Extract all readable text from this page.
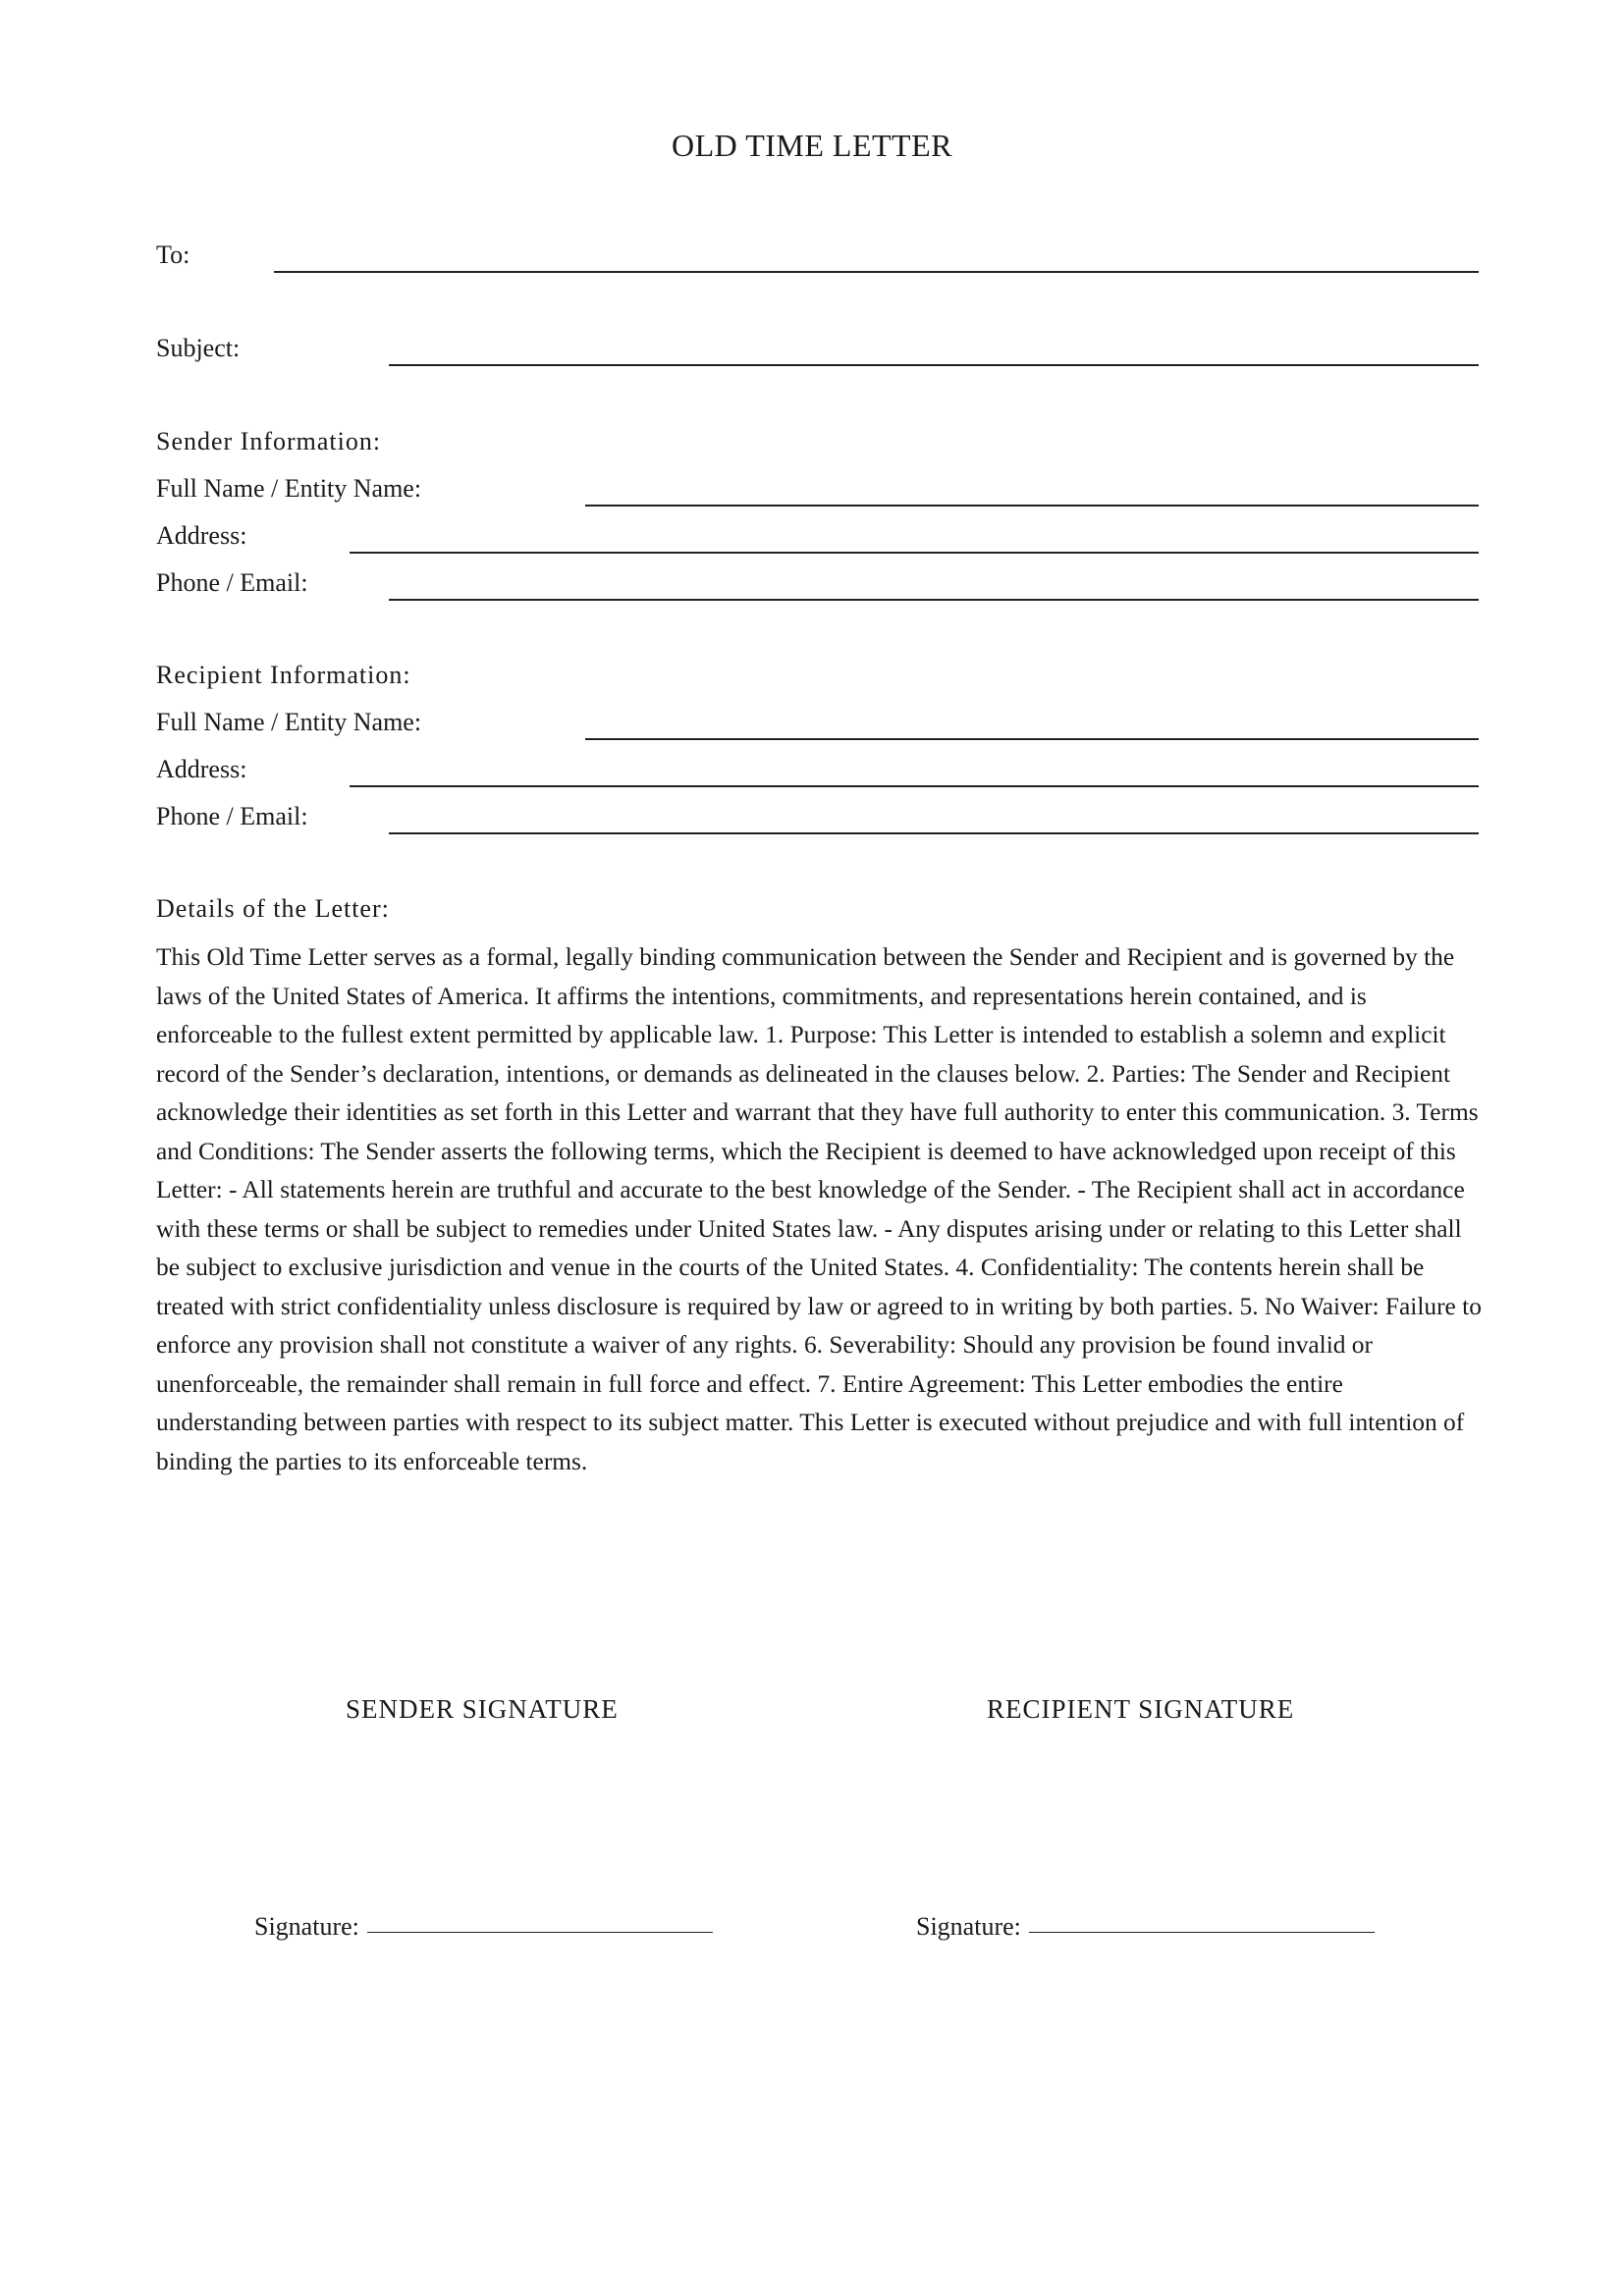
OLD TIME LETTER
To:
Subject:
Sender Information:
Full Name / Entity Name:
Address:
Phone / Email:
Recipient Information:
Full Name / Entity Name:
Address:
Phone / Email:
Details of the Letter:
This Old Time Letter serves as a formal, legally binding communication between the Sender and Recipient and is governed by the laws of the United States of America. It affirms the intentions, commitments, and representations herein contained, and is enforceable to the fullest extent permitted by applicable law. 1. Purpose: This Letter is intended to establish a solemn and explicit record of the Sender’s declaration, intentions, or demands as delineated in the clauses below. 2. Parties: The Sender and Recipient acknowledge their identities as set forth in this Letter and warrant that they have full authority to enter this communication. 3. Terms and Conditions: The Sender asserts the following terms, which the Recipient is deemed to have acknowledged upon receipt of this Letter: - All statements herein are truthful and accurate to the best knowledge of the Sender. - The Recipient shall act in accordance with these terms or shall be subject to remedies under United States law. - Any disputes arising under or relating to this Letter shall be subject to exclusive jurisdiction and venue in the courts of the United States. 4. Confidentiality: The contents herein shall be treated with strict confidentiality unless disclosure is required by law or agreed to in writing by both parties. 5. No Waiver: Failure to enforce any provision shall not constitute a waiver of any rights. 6. Severability: Should any provision be found invalid or unenforceable, the remainder shall remain in full force and effect. 7. Entire Agreement: This Letter embodies the entire understanding between parties with respect to its subject matter. This Letter is executed without prejudice and with full intention of binding the parties to its enforceable terms.
SENDER SIGNATURE	RECIPIENT SIGNATURE
Signature:	Signature:
